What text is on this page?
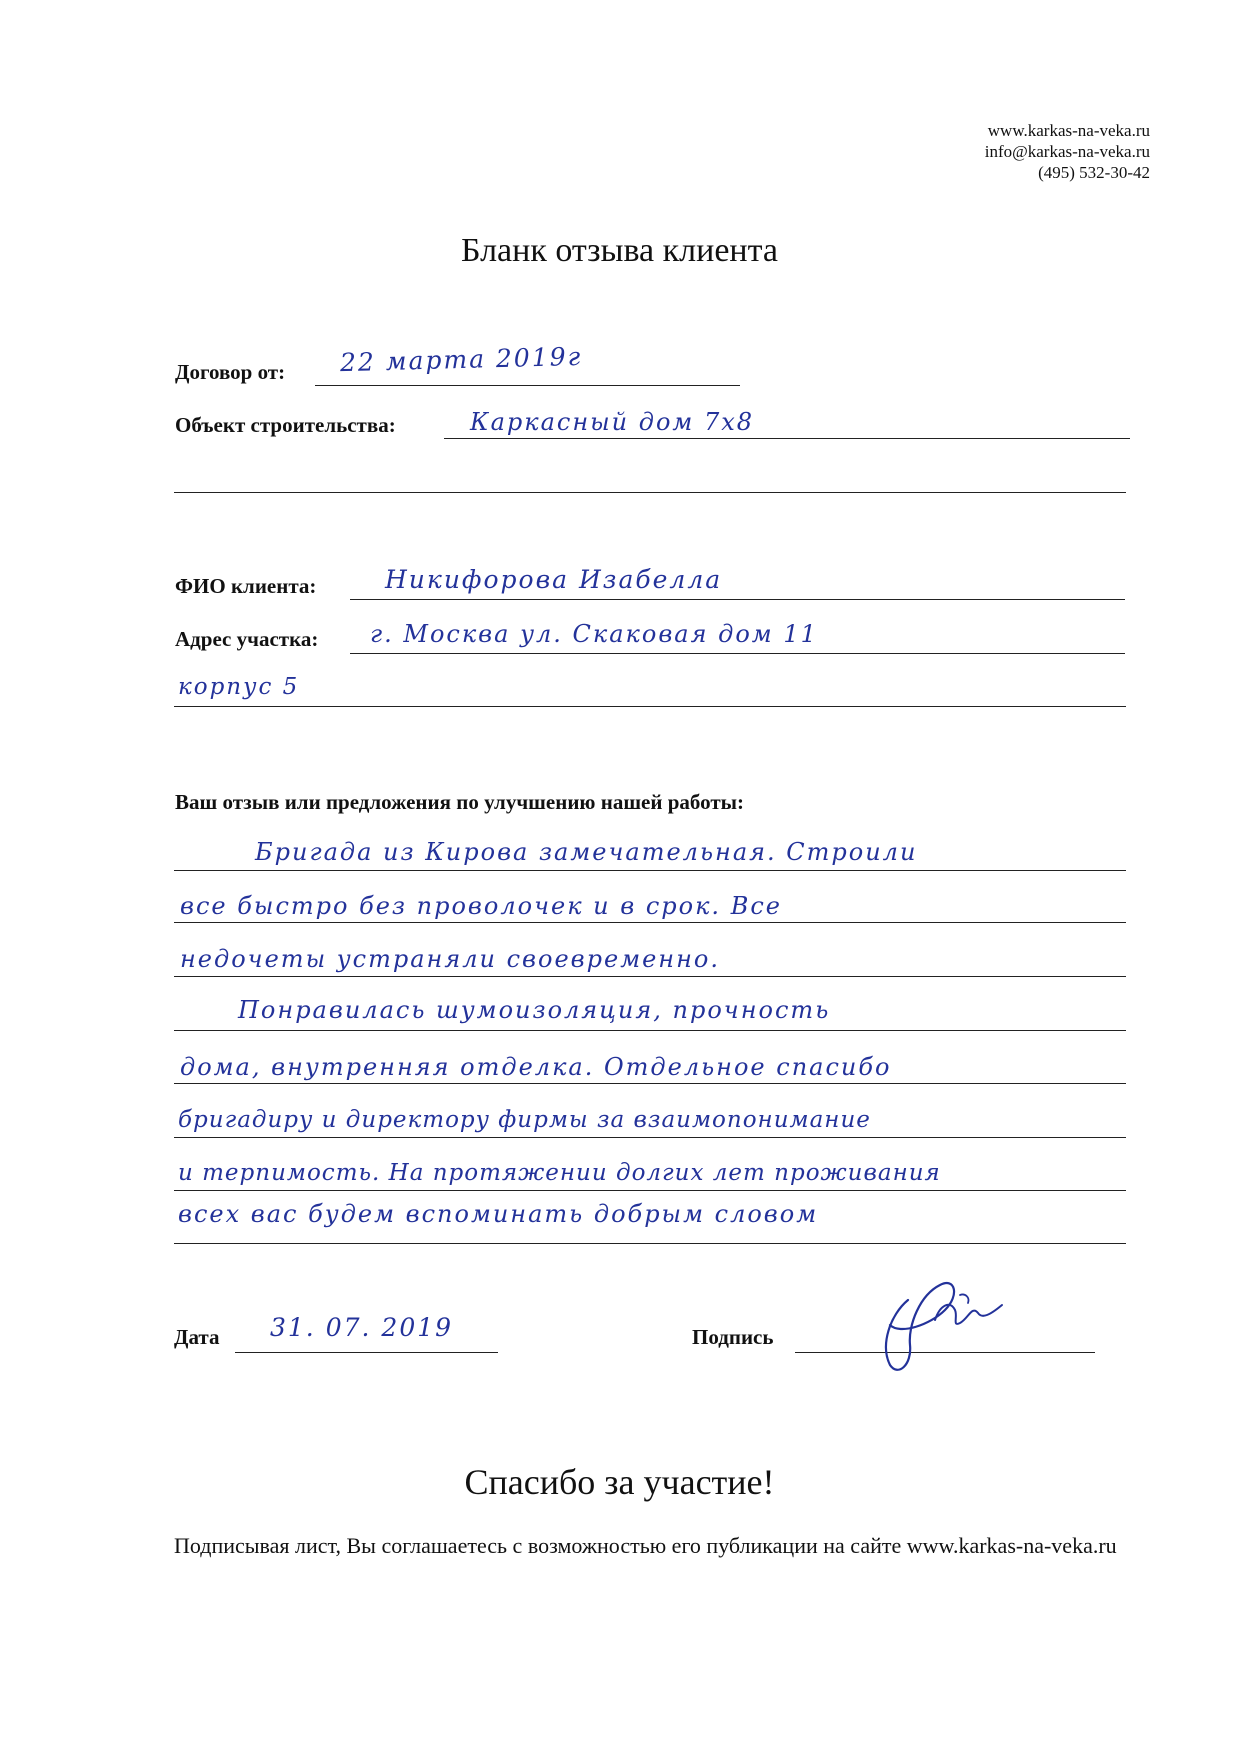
www.karkas-na-veka.ru
info@karkas-na-veka.ru
(495) 532-30-42
Бланк отзыва клиента
Договор от: 22 марта 2019г
Объект строительства:	Каркасный дом 7х8
ФИО клиента:	Никифорова Изабелла
Адрес участка: г. Москва ул. Скаковая дом 11
корпус 5
Ваш отзыв или предложения по улучшению нашей работы:
Бригада из Кирова замечательная. Строили
все быстро без проволочек и в срок. Все
недочеты устраняли своевременно.
Понравилась шумоизоляция, прочность
дома, внутренняя отделка. Отдельное спасибо
бригадиру и директору фирмы за взаимопонимание
и терпимость. На протяжении долгих лет проживания
всех вас будем вспоминать добрым словом
Дата 31. 07. 2019	Подпись
Спасибо за участие!
Подписывая лист, Вы соглашаетесь с возможностью его публикации на сайте www.karkas-na-veka.ru
